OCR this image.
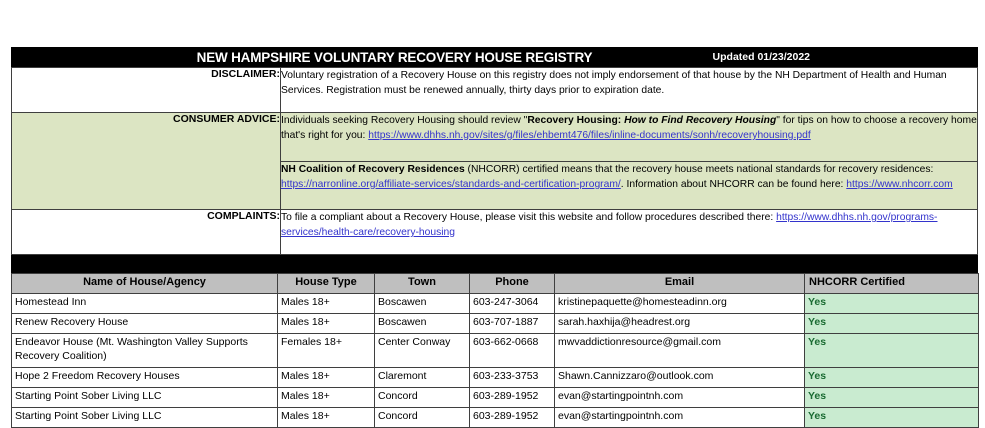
NEW HAMPSHIRE VOLUNTARY RECOVERY HOUSE REGISTRY	Updated 01/23/2022
DISCLAIMER:	Voluntary registration of a Recovery House on this registry does not imply endorsement of that house by the NH Department of Health and Human Services. Registration must be renewed annually, thirty days prior to expiration date.
CONSUMER ADVICE:	Individuals seeking Recovery Housing should review "Recovery Housing: How to Find Recovery Housing" for tips on how to choose a recovery home that's right for you: https://www.dhhs.nh.gov/sites/g/files/ehbemt476/files/inline-documents/sonh/recoveryhousing.pdf
	NH Coalition of Recovery Residences (NHCORR) certified means that the recovery house meets national standards for recovery residences: https://narronline.org/affiliate-services/standards-and-certification-program/. Information about NHCORR can be found here: https://www.nhcorr.com
COMPLAINTS:	To file a compliant about a Recovery House, please visit this website and follow procedures described there: https://www.dhhs.nh.gov/programs-services/health-care/recovery-housing
Name of House/Agency	House Type	Town	Phone	Email	NHCORR Certified
Homestead Inn	Males 18+	Boscawen	603-247-3064	kristinepaquette@homesteadinn.org	Yes
Renew Recovery House	Males 18+	Boscawen	603-707-1887	sarah.haxhija@headrest.org	Yes
Endeavor House (Mt. Washington Valley Supports Recovery Coalition)	Females 18+	Center Conway	603-662-0668	mwvaddictionresource@gmail.com	Yes
Hope 2 Freedom Recovery Houses	Males 18+	Claremont	603-233-3753	Shawn.Cannizzaro@outlook.com	Yes
Starting Point Sober Living LLC	Males 18+	Concord	603-289-1952	evan@startingpointnh.com	Yes
Starting Point Sober Living LLC	Males 18+	Concord	603-289-1952	evan@startingpointnh.com	Yes
